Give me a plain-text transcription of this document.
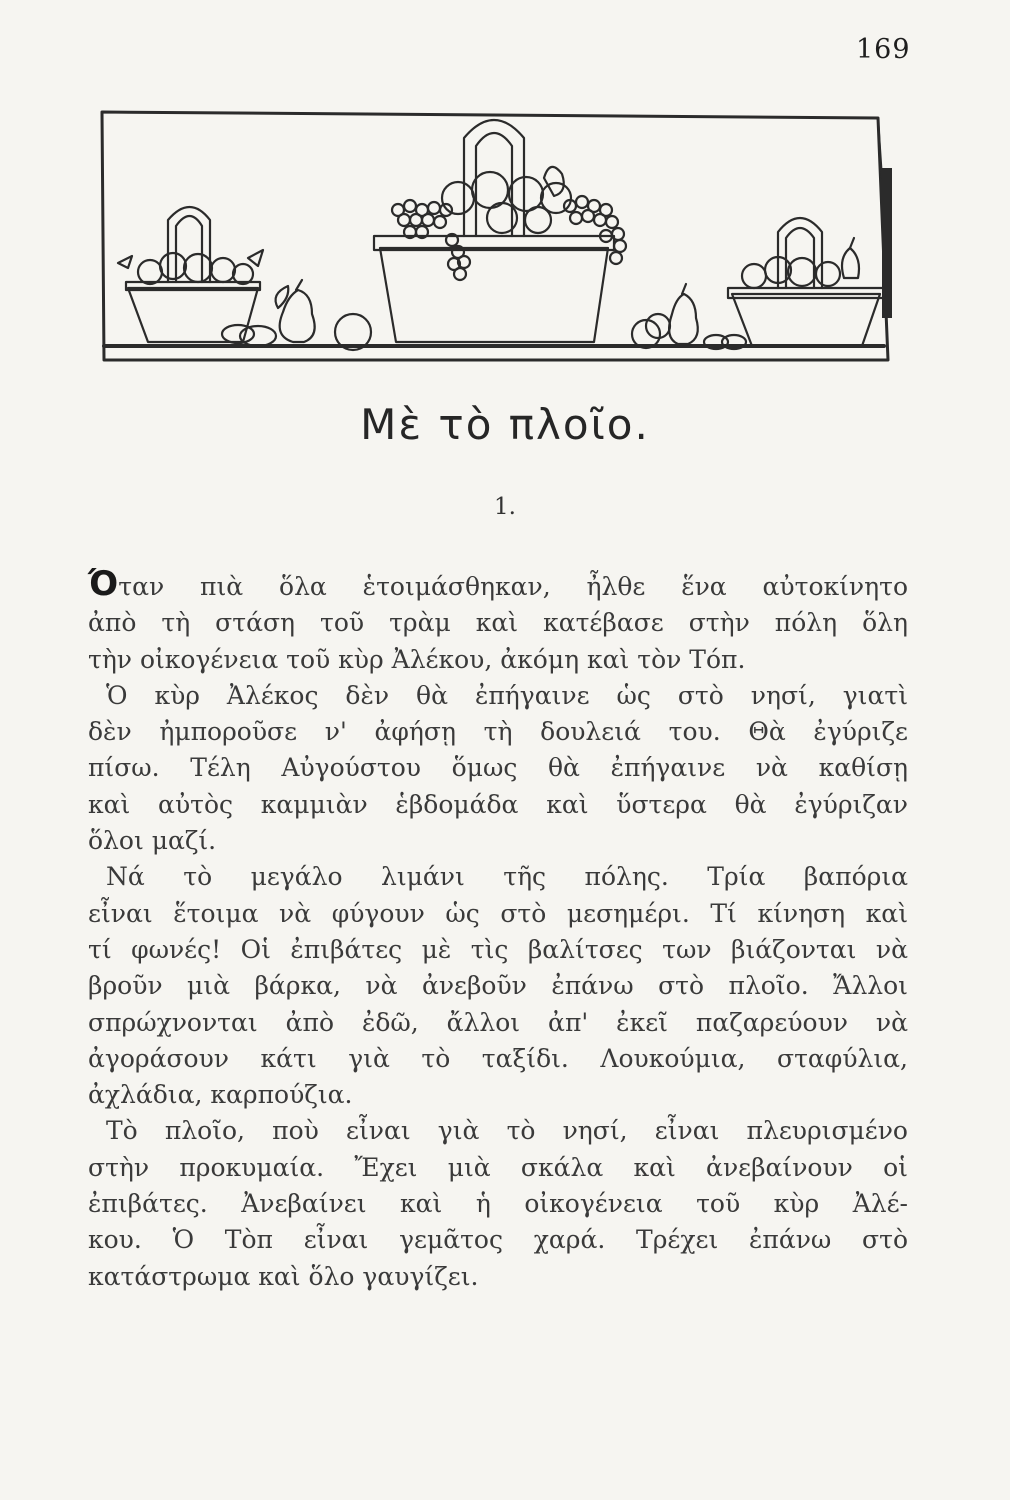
169
Μὲ τὸ πλοῖο.
1.
Όταν πιὰ ὅλα ἑτοιμάσθηκαν, ἦλθε ἕνα αὐτοκίνητο
ἀπὸ τὴ στάση τοῦ τρὰμ καὶ κατέβασε στὴν πόλη ὅλη
τὴν οἰκογένεια τοῦ κὺρ Ἀλέκου, ἀκόμη καὶ τὸν Τόπ.
Ὁ κὺρ Ἀλέκος δὲν θὰ ἐπήγαινε ὡς στὸ νησί, γιατὶ
δὲν ἠμποροῦσε ν' ἀφήσῃ τὴ δουλειά του. Θὰ ἐγύριζε
πίσω. Τέλη Αὐγούστου ὅμως θὰ ἐπήγαινε νὰ καθίσῃ
καὶ αὐτὸς καμμιὰν ἑβδομάδα καὶ ὕστερα θὰ ἐγύριζαν
ὅλοι μαζί.
Νά τὸ μεγάλο λιμάνι τῆς πόλης. Τρία βαπόρια
εἶναι ἕτοιμα νὰ φύγουν ὡς στὸ μεσημέρι. Τί κίνηση καὶ
τί φωνές! Οἱ ἐπιβάτες μὲ τὶς βαλίτσες των βιάζονται νὰ
βροῦν μιὰ βάρκα, νὰ ἀνεβοῦν ἐπάνω στὸ πλοῖο. Ἄλλοι
σπρώχνονται ἀπὸ ἐδῶ, ἄλλοι ἀπ' ἐκεῖ παζαρεύουν νὰ
ἀγοράσουν κάτι γιὰ τὸ ταξίδι. Λουκούμια, σταφύλια,
ἀχλάδια, καρπούζια.
Τὸ πλοῖο, ποὺ εἶναι γιὰ τὸ νησί, εἶναι πλευρισμένο
στὴν προκυμαία. Ἔχει μιὰ σκάλα καὶ ἀνεβαίνουν οἱ
ἐπιβάτες. Ἀνεβαίνει καὶ ἡ οἰκογένεια τοῦ κὺρ Ἀλέ-
κου. Ὁ Τὸπ εἶναι γεμᾶτος χαρά. Τρέχει ἐπάνω στὸ
κατάστρωμα καὶ ὅλο γαυγίζει.
